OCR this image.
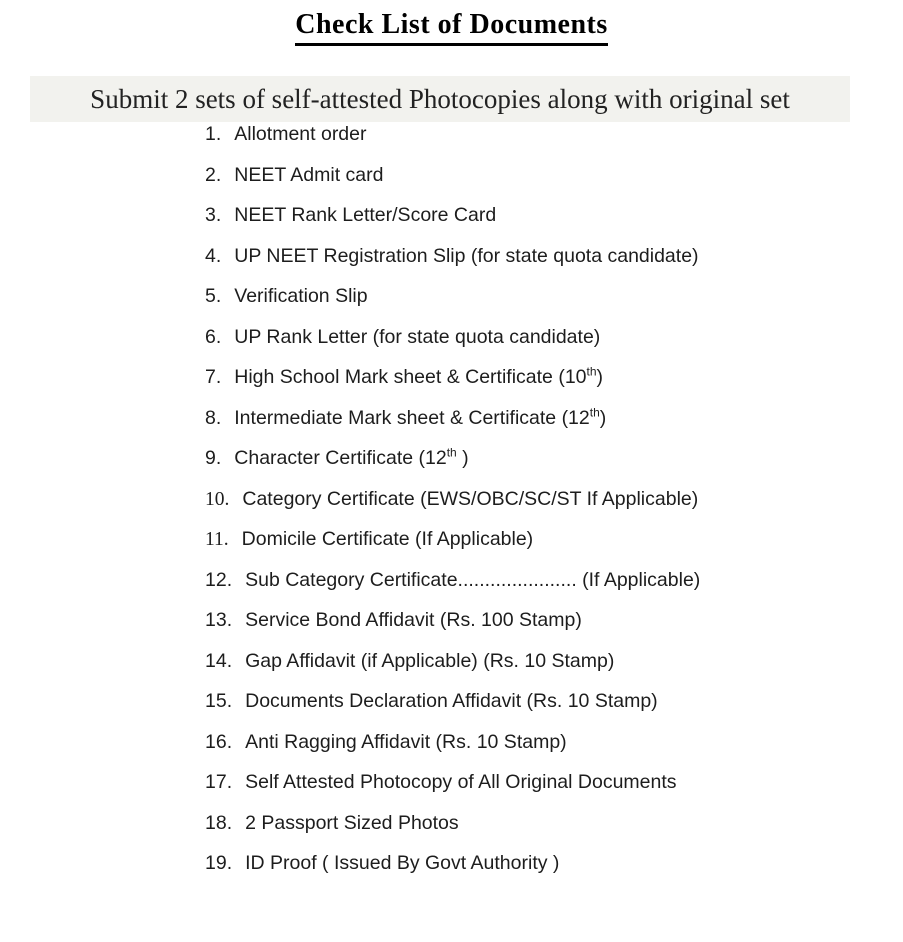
Check List of Documents
Submit 2 sets of self-attested Photocopies along with original set
1. Allotment order
2. NEET Admit card
3. NEET Rank Letter/Score Card
4. UP NEET Registration Slip (for state quota candidate)
5. Verification Slip
6. UP Rank Letter (for state quota candidate)
7. High School Mark sheet & Certificate (10th)
8. Intermediate Mark sheet & Certificate (12th)
9. Character Certificate (12th )
10. Category Certificate (EWS/OBC/SC/ST If Applicable)
11. Domicile Certificate (If Applicable)
12. Sub Category Certificate...................... (If Applicable)
13. Service Bond Affidavit (Rs. 100 Stamp)
14. Gap Affidavit (if Applicable) (Rs. 10 Stamp)
15. Documents Declaration Affidavit (Rs. 10 Stamp)
16. Anti Ragging Affidavit (Rs. 10 Stamp)
17. Self Attested Photocopy of All Original Documents
18. 2 Passport Sized Photos
19. ID Proof ( Issued By Govt Authority )
